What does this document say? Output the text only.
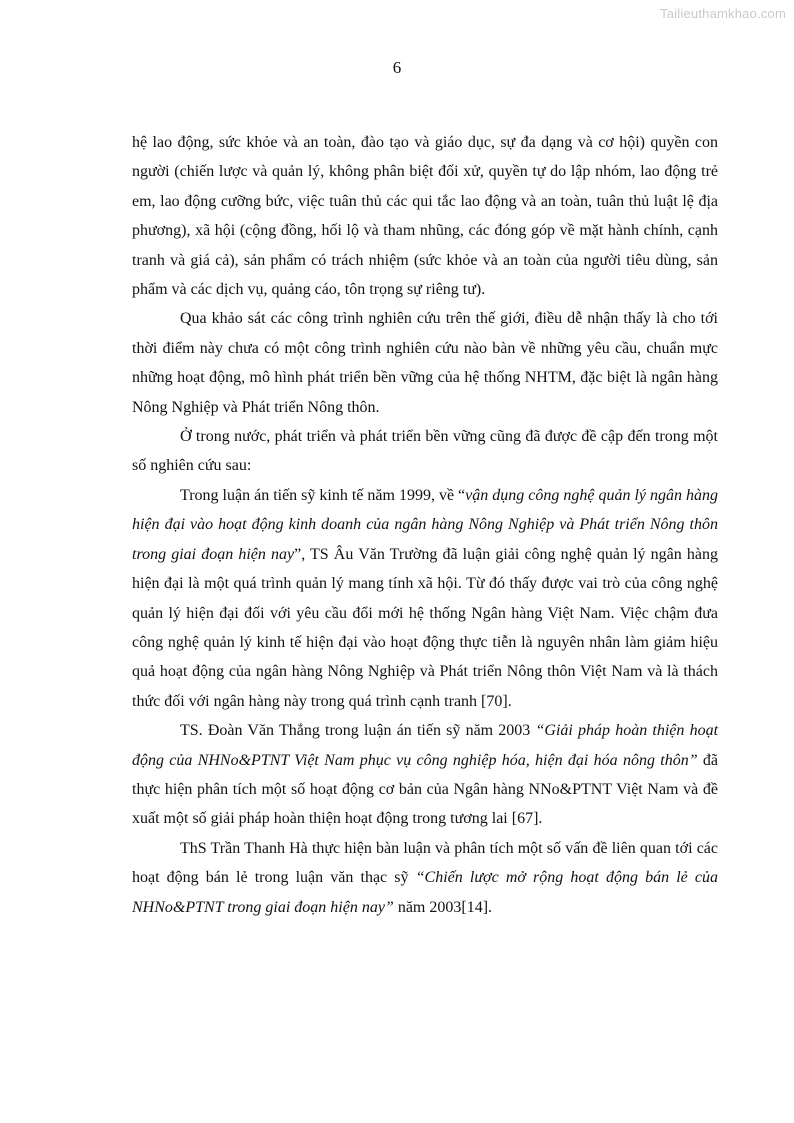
Tailieuthamkhao.com
6

hệ lao động, sức khỏe và an toàn, đào tạo và giáo dục, sự đa dạng và cơ hội) quyền con người (chiến lược và quản lý, không phân biệt đối xử, quyền tự do lập nhóm, lao động trẻ em, lao động cưỡng bức, việc tuân thủ các qui tắc lao động và an toàn, tuân thủ luật lệ địa phương), xã hội (cộng đồng, hối lộ và tham nhũng, các đóng góp về mặt hành chính, cạnh tranh và giá cả), sản phẩm có trách nhiệm (sức khỏe và an toàn của người tiêu dùng, sản phẩm và các dịch vụ, quảng cáo, tôn trọng sự riêng tư).

Qua khảo sát các công trình nghiên cứu trên thế giới, điều dễ nhận thấy là cho tới thời điểm này chưa có một công trình nghiên cứu nào bàn về những yêu cầu, chuẩn mực những hoạt động, mô hình phát triển bền vững của hệ thống NHTM, đặc biệt là ngân hàng Nông Nghiệp và Phát triển Nông thôn.

Ở trong nước, phát triển và phát triển bền vững cũng đã được đề cập đến trong một số nghiên cứu sau:

Trong luận án tiến sỹ kinh tế năm 1999, về “vận dụng công nghệ quản lý ngân hàng hiện đại vào hoạt động kinh doanh của ngân hàng Nông Nghiệp và Phát triển Nông thôn trong giai đoạn hiện nay”, TS Âu Văn Trường đã luận giải công nghệ quản lý ngân hàng hiện đại là một quá trình quản lý mang tính xã hội. Từ đó thấy được vai trò của công nghệ quản lý hiện đại đối với yêu cầu đổi mới hệ thống Ngân hàng Việt Nam. Việc chậm đưa công nghệ quản lý kinh tế hiện đại vào hoạt động thực tiễn là nguyên nhân làm giảm hiệu quả hoạt động của ngân hàng Nông Nghiệp và Phát triển Nông thôn Việt Nam và là thách thức đối với ngân hàng này trong quá trình cạnh tranh [70].

TS. Đoàn Văn Thắng trong luận án tiến sỹ năm 2003 “Giải pháp hoàn thiện hoạt động của NHNo&PTNT Việt Nam phục vụ công nghiệp hóa, hiện đại hóa nông thôn” đã thực hiện phân tích một số hoạt động cơ bản của Ngân hàng NNo&PTNT Việt Nam và đề xuất một số giải pháp hoàn thiện hoạt động trong tương lai [67].

ThS Trần Thanh Hà thực hiện bàn luận và phân tích một số vấn đề liên quan tới các hoạt động bán lẻ trong luận văn thạc sỹ “Chiến lược mở rộng hoạt động bán lẻ của NHNo&PTNT trong giai đoạn hiện nay” năm 2003[14].
